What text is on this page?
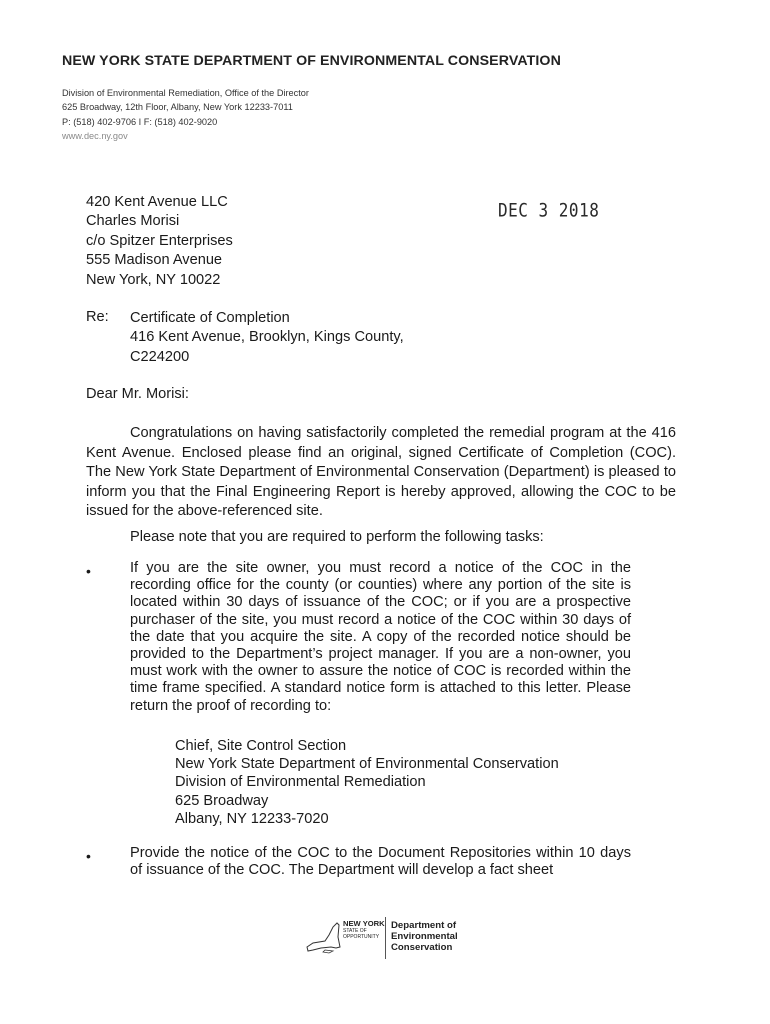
NEW YORK STATE DEPARTMENT OF ENVIRONMENTAL CONSERVATION
Division of Environmental Remediation, Office of the Director
625 Broadway, 12th Floor, Albany, New York 12233-7011
P: (518) 402-9706 I F: (518) 402-9020
www.dec.ny.gov
420 Kent Avenue LLC
Charles Morisi
c/o Spitzer Enterprises
555 Madison Avenue
New York, NY 10022
DEC 3 2018
Re: Certificate of Completion
416 Kent Avenue, Brooklyn, Kings County,
C224200
Dear Mr. Morisi:
Congratulations on having satisfactorily completed the remedial program at the 416 Kent Avenue. Enclosed please find an original, signed Certificate of Completion (COC). The New York State Department of Environmental Conservation (Department) is pleased to inform you that the Final Engineering Report is hereby approved, allowing the COC to be issued for the above-referenced site.
Please note that you are required to perform the following tasks:
•	If you are the site owner, you must record a notice of the COC in the recording office for the county (or counties) where any portion of the site is located within 30 days of issuance of the COC; or if you are a prospective purchaser of the site, you must record a notice of the COC within 30 days of the date that you acquire the site. A copy of the recorded notice should be provided to the Department’s project manager. If you are a non-owner, you must work with the owner to assure the notice of COC is recorded within the time frame specified. A standard notice form is attached to this letter. Please return the proof of recording to:
Chief, Site Control Section
New York State Department of Environmental Conservation
Division of Environmental Remediation
625 Broadway
Albany, NY 12233-7020
•	Provide the notice of the COC to the Document Repositories within 10 days of issuance of the COC. The Department will develop a fact sheet
NEW YORK
STATE OF
OPPORTUNITY
Department of
Environmental
Conservation
